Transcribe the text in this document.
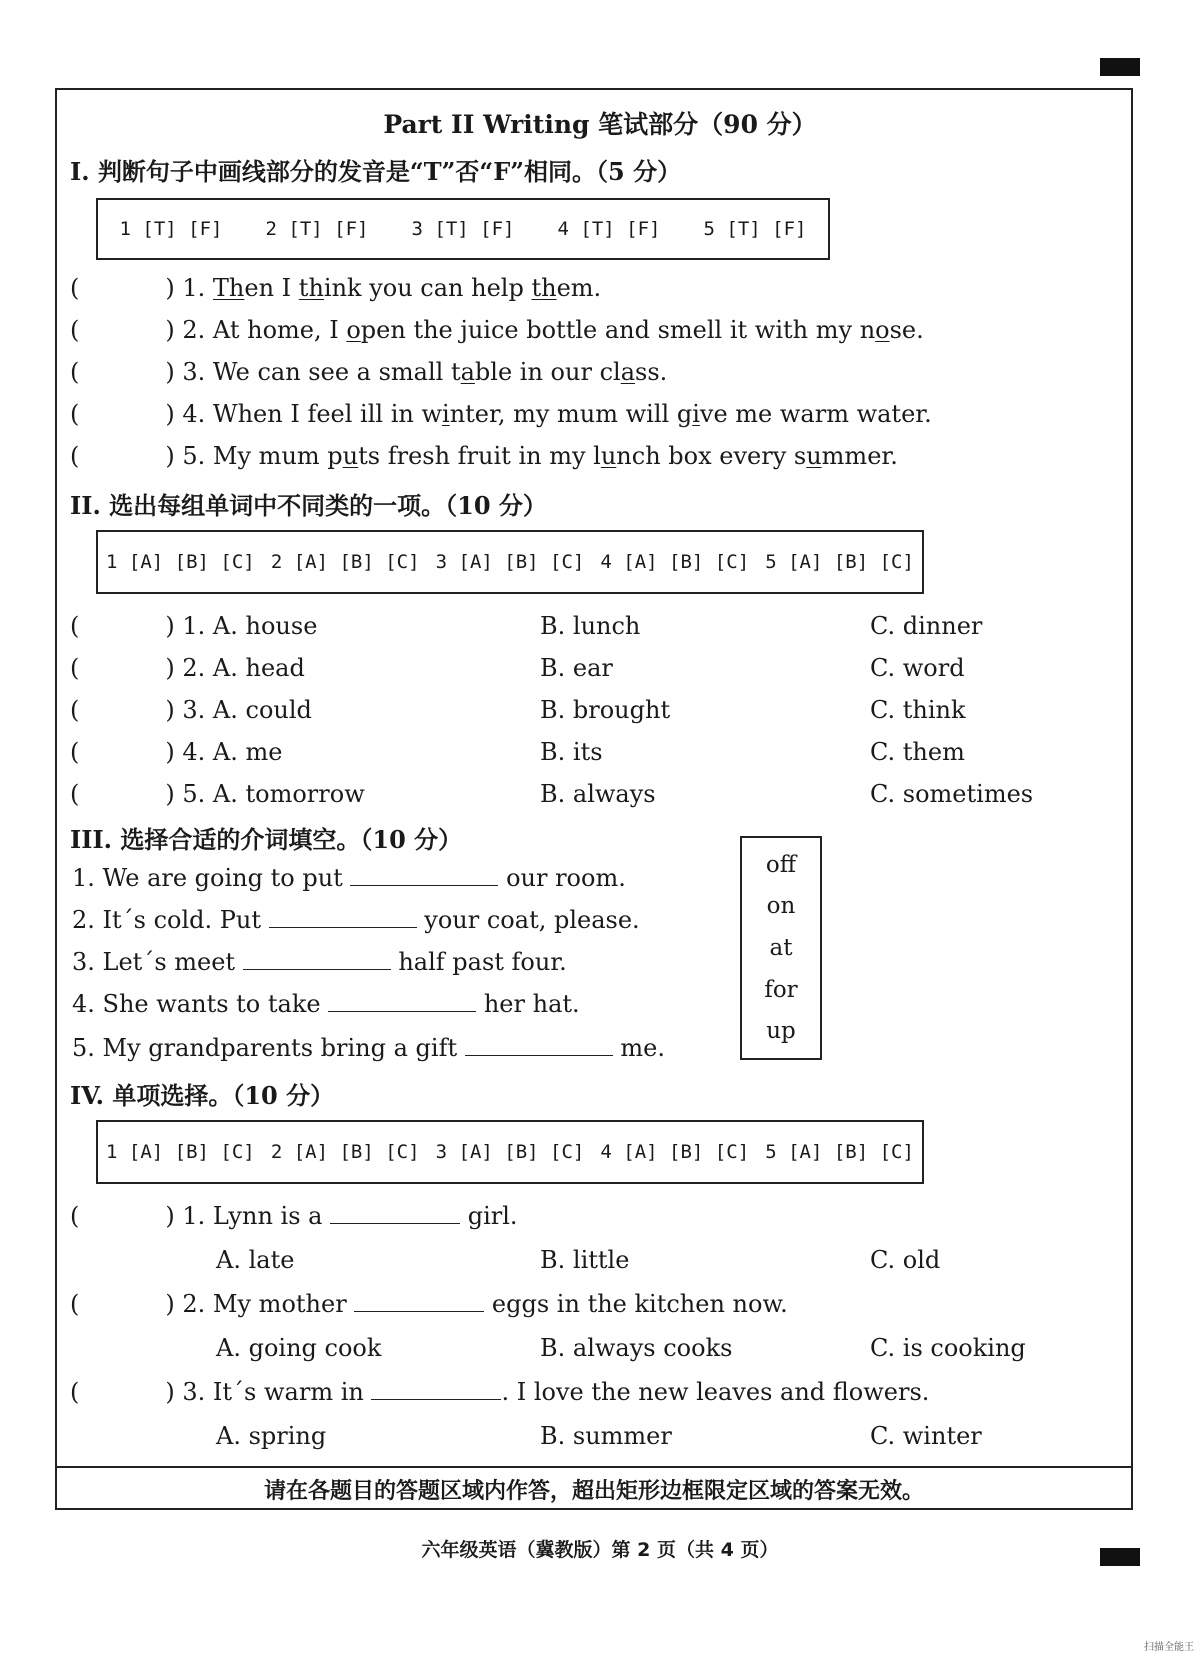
Part II Writing 笔试部分（90 分）
I. 判断句子中画线部分的发音是“T”否“F”相同。（5 分）
1 [T] [F] 2 [T] [F] 3 [T] [F] 4 [T] [F] 5 [T] [F]
(	) 1. Then I think you can help them.
(	) 2. At home, I open the juice bottle and smell it with my nose.
(	) 3. We can see a small table in our class.
(	) 4. When I feel ill in winter, my mum will give me warm water.
(	) 5. My mum puts fresh fruit in my lunch box every summer.
II. 选出每组单词中不同类的一项。（10 分）
1 [A] [B] [C] 2 [A] [B] [C] 3 [A] [B] [C] 4 [A] [B] [C] 5 [A] [B] [C]
(	) 1. A. house	B. lunch	C. dinner
(	) 2. A. head	B. ear	C. word
(	) 3. A. could	B. brought	C. think
(	) 4. A. me	B. its	C. them
(	) 5. A. tomorrow	B. always	C. sometimes
III. 选择合适的介词填空。（10 分）
1. We are going to put	our room.
2. It´s cold. Put	your coat, please.
3. Let´s meet	half past four.
4. She wants to take	her hat.
5. My grandparents bring a gift	me.
off
on
at
for
up
IV. 单项选择。（10 分）
1 [A] [B] [C] 2 [A] [B] [C] 3 [A] [B] [C] 4 [A] [B] [C] 5 [A] [B] [C]
(	) 1. Lynn is a	girl.
A. late	B. little	C. old
(	) 2. My mother	eggs in the kitchen now.
A. going cook	B. always cooks	C. is cooking
(	) 3. It´s warm in	. I love the new leaves and flowers.
A. spring	B. summer	C. winter
请在各题目的答题区域内作答，超出矩形边框限定区域的答案无效。
六年级英语（冀教版）第 2 页（共 4 页）
扫描全能王
